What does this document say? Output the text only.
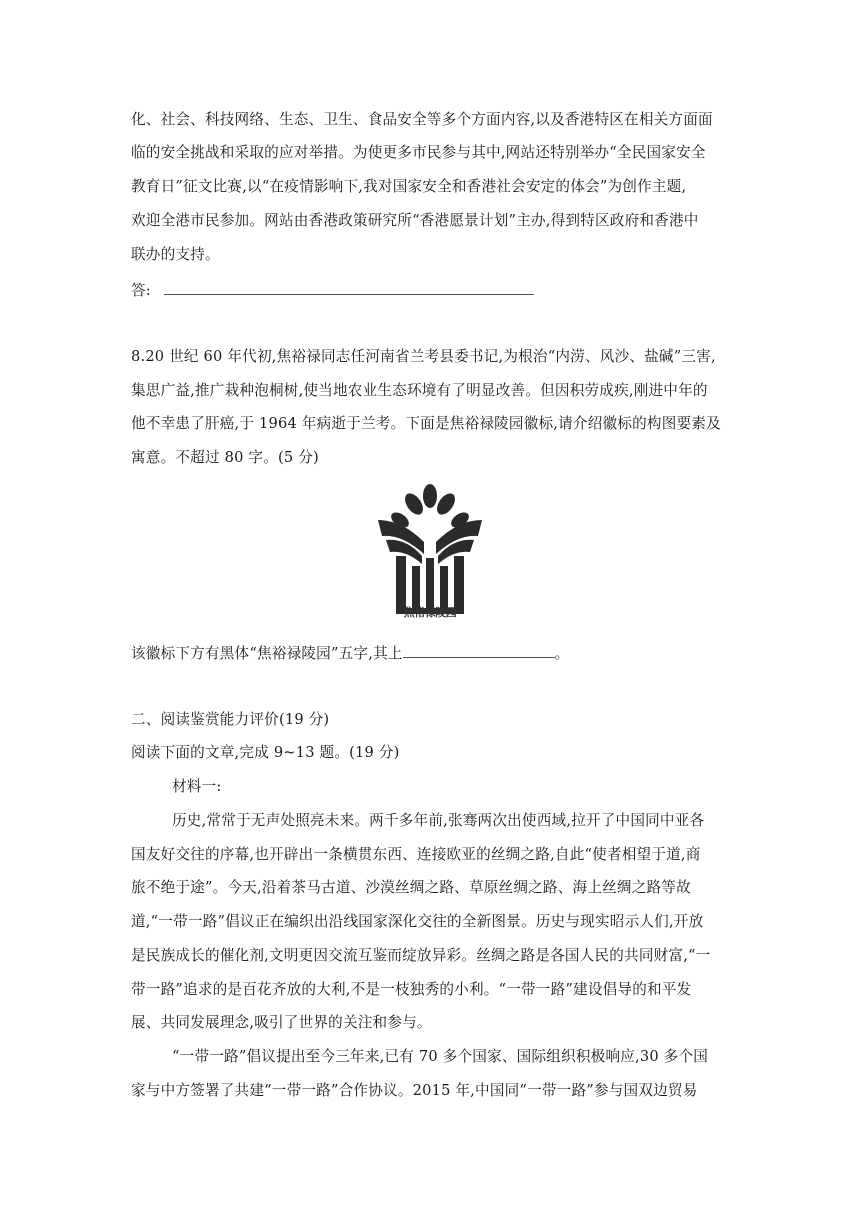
化、社会、科技网络、生态、卫生、食品安全等多个方面内容,以及香港特区在相关方面面
临的安全挑战和采取的应对举措。为使更多市民参与其中,网站还特别举办“全民国家安全
教育日”征文比赛,以“在疫情影响下,我对国家安全和香港社会安定的体会”为创作主题,
欢迎全港市民参加。网站由香港政策研究所“香港愿景计划”主办,得到特区政府和香港中
联办的支持。
答:
8.20 世纪 60 年代初,焦裕禄同志任河南省兰考县委书记,为根治“内涝、风沙、盐碱”三害,
集思广益,推广栽种泡桐树,使当地农业生态环境有了明显改善。但因积劳成疾,刚进中年的
他不幸患了肝癌,于 1964 年病逝于兰考。下面是焦裕禄陵园徽标,请介绍徽标的构图要素及
寓意。不超过 80 字。(5 分)
焦裕禄陵园
该徽标下方有黑体“焦裕禄陵园”五字,其上	。
二、阅读鉴赏能力评价(19 分)
阅读下面的文章,完成 9~13 题。(19 分)
材料一:
历史,常常于无声处照亮未来。两千多年前,张骞两次出使西域,拉开了中国同中亚各
国友好交往的序幕,也开辟出一条横贯东西、连接欧亚的丝绸之路,自此“使者相望于道,商
旅不绝于途”。今天,沿着茶马古道、沙漠丝绸之路、草原丝绸之路、海上丝绸之路等故
道,“一带一路”倡议正在编织出沿线国家深化交往的全新图景。历史与现实昭示人们,开放
是民族成长的催化剂,文明更因交流互鉴而绽放异彩。丝绸之路是各国人民的共同财富,“一
带一路”追求的是百花齐放的大利,不是一枝独秀的小利。“一带一路”建设倡导的和平发
展、共同发展理念,吸引了世界的关注和参与。
“一带一路”倡议提出至今三年来,已有 70 多个国家、国际组织积极响应,30 多个国
家与中方签署了共建“一带一路”合作协议。2015 年,中国同“一带一路”参与国双边贸易
